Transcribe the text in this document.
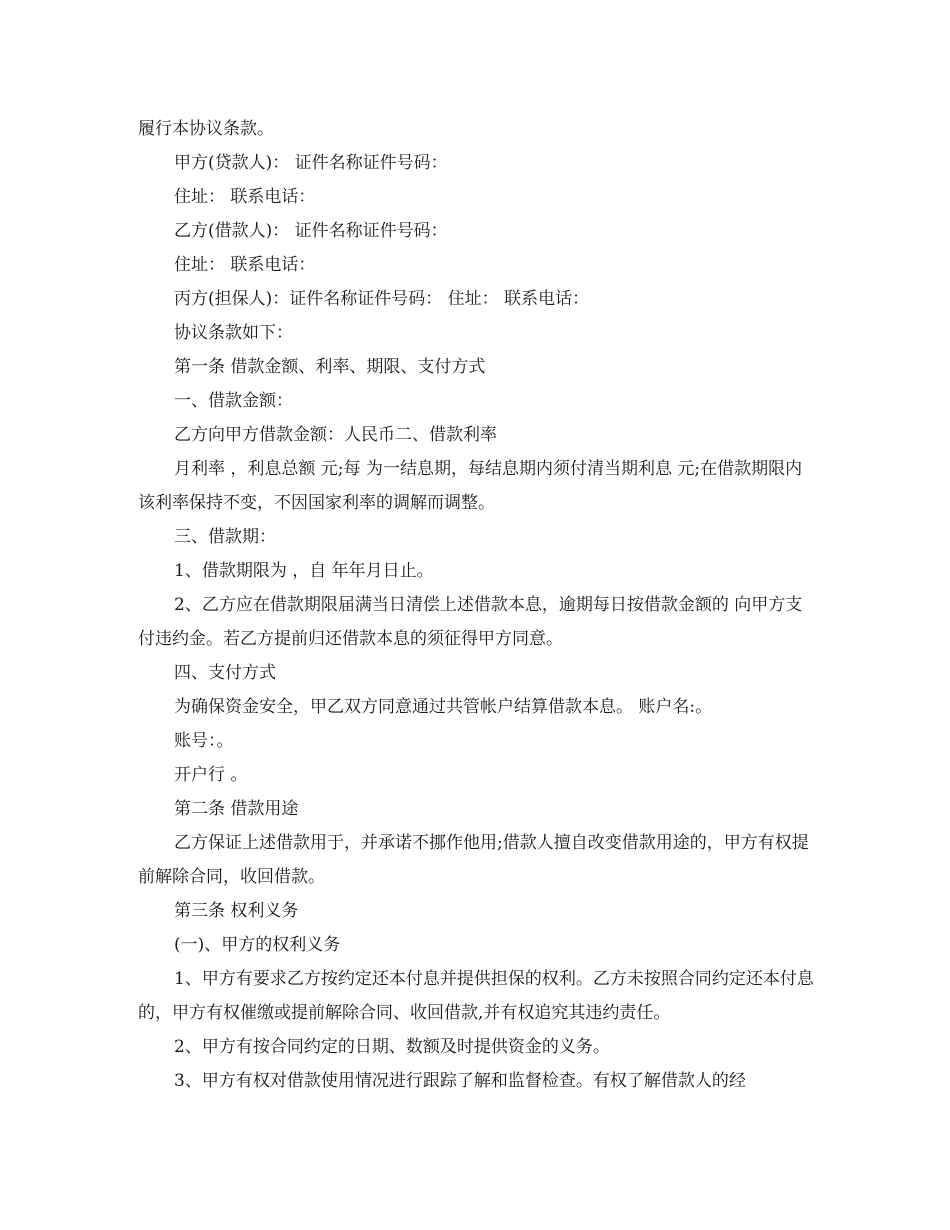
履行本协议条款。

甲方(贷款人)： 证件名称证件号码：

住址： 联系电话：

乙方(借款人)： 证件名称证件号码：

住址： 联系电话：

丙方(担保人)：证件名称证件号码： 住址： 联系电话：

协议条款如下：

第一条 借款金额、利率、期限、支付方式

一、借款金额：

乙方向甲方借款金额：人民币二、借款利率

月利率 ，利息总额 元;每 为一结息期，每结息期内须付清当期利息 元;在借款期限内该利率保持不变，不因国家利率的调解而调整。

三、借款期：

1、借款期限为 ，自 年年月日止。

2、乙方应在借款期限届满当日清偿上述借款本息，逾期每日按借款金额的 向甲方支付违约金。若乙方提前归还借款本息的须征得甲方同意。

四、支付方式

为确保资金安全，甲乙双方同意通过共管帐户结算借款本息。 账户名:。

账号：。

开户行 。

第二条 借款用途

乙方保证上述借款用于，并承诺不挪作他用;借款人擅自改变借款用途的，甲方有权提前解除合同，收回借款。

第三条 权利义务

(一)、甲方的权利义务

1、甲方有要求乙方按约定还本付息并提供担保的权利。乙方未按照合同约定还本付息的，甲方有权催缴或提前解除合同、收回借款,并有权追究其违约责任。

2、甲方有按合同约定的日期、数额及时提供资金的义务。

3、甲方有权对借款使用情况进行跟踪了解和监督检查。有权了解借款人的经
